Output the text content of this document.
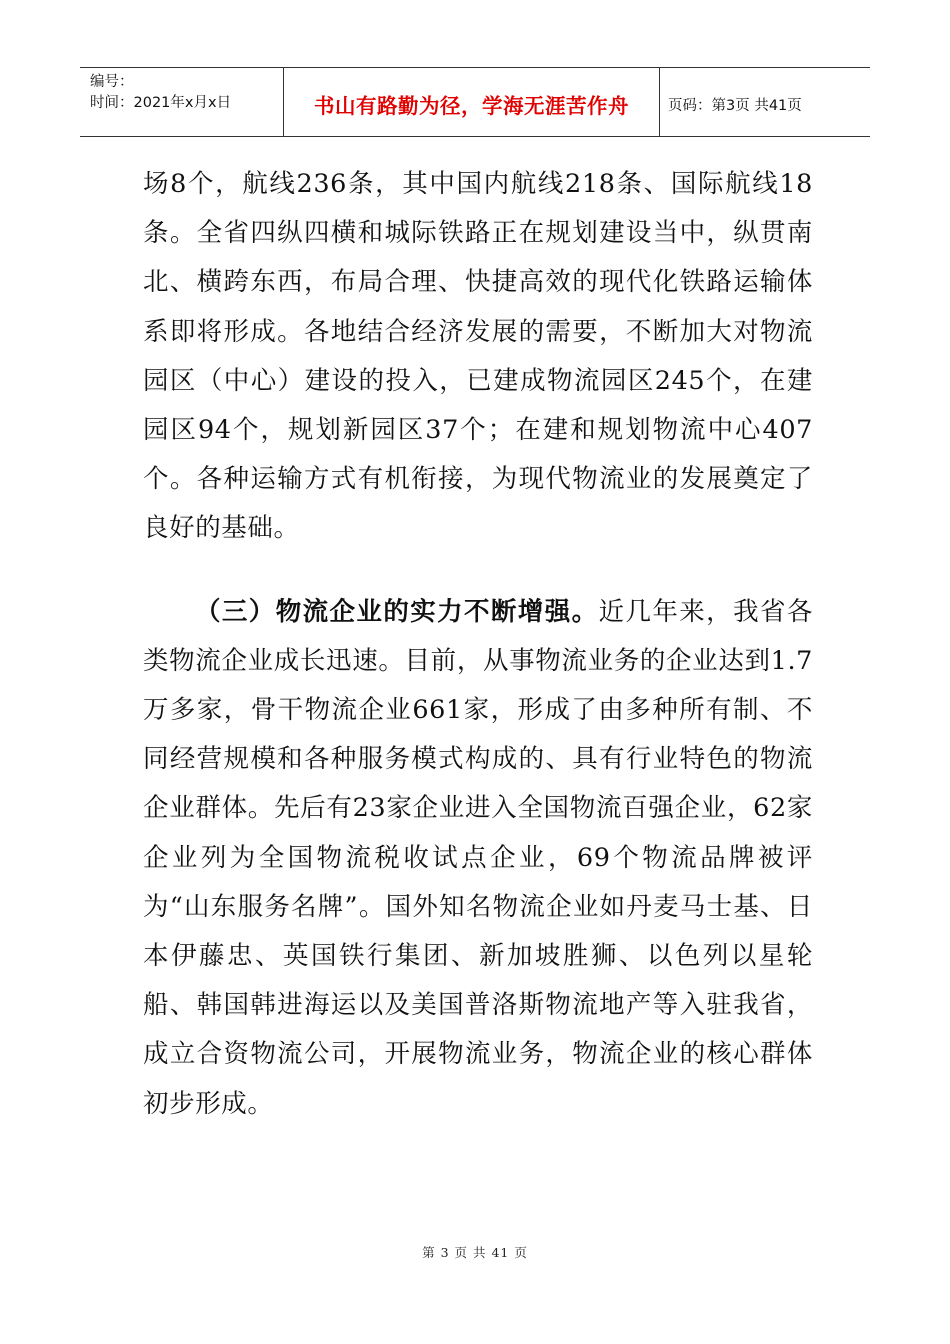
编号：
时间：2021年x月x日	书山有路勤为径，学海无涯苦作舟	页码：第3页 共41页

场8个，航线236条，其中国内航线218条、国际航线18条。全省四纵四横和城际铁路正在规划建设当中，纵贯南北、横跨东西，布局合理、快捷高效的现代化铁路运输体系即将形成。各地结合经济发展的需要，不断加大对物流园区（中心）建设的投入，已建成物流园区245个，在建园区94个，规划新园区37个；在建和规划物流中心407个。各种运输方式有机衔接，为现代物流业的发展奠定了良好的基础。

（三）物流企业的实力不断增强。近几年来，我省各类物流企业成长迅速。目前，从事物流业务的企业达到1.7万多家，骨干物流企业661家，形成了由多种所有制、不同经营规模和各种服务模式构成的、具有行业特色的物流企业群体。先后有23家企业进入全国物流百强企业，62家企业列为全国物流税收试点企业，69个物流品牌被评为“山东服务名牌”。国外知名物流企业如丹麦马士基、日本伊藤忠、英国铁行集团、新加坡胜狮、以色列以星轮船、韩国韩进海运以及美国普洛斯物流地产等入驻我省，成立合资物流公司，开展物流业务，物流企业的核心群体初步形成。

第 3 页 共 41 页
